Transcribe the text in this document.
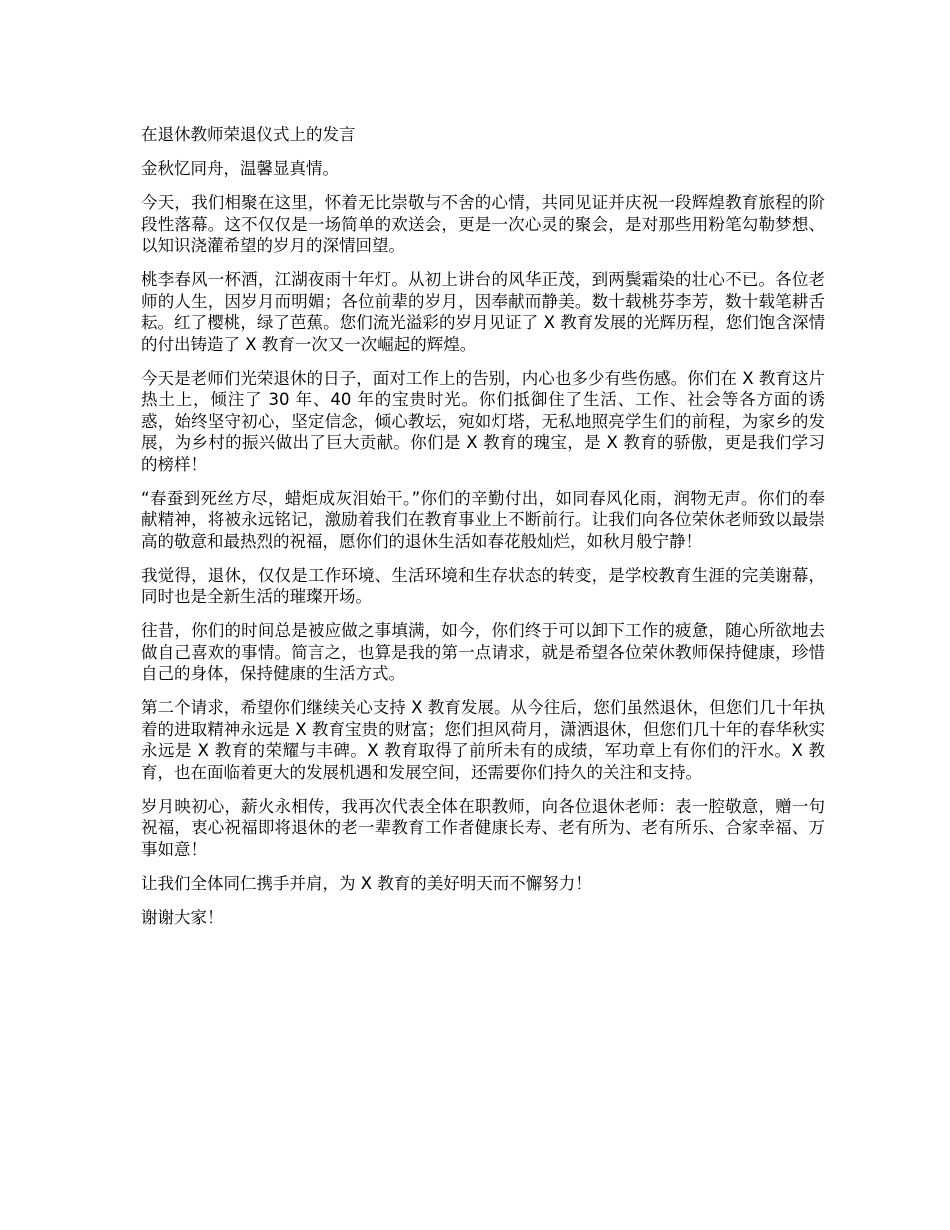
在退休教师荣退仪式上的发言
金秋忆同舟，温馨显真情。
今天，我们相聚在这里，怀着无比崇敬与不舍的心情，共同见证并庆祝一段辉煌教育旅程的阶段性落幕。这不仅仅是一场简单的欢送会，更是一次心灵的聚会，是对那些用粉笔勾勒梦想、以知识浇灌希望的岁月的深情回望。
桃李春风一杯酒，江湖夜雨十年灯。从初上讲台的风华正茂，到两鬓霜染的壮心不已。各位老师的人生，因岁月而明媚；各位前辈的岁月，因奉献而静美。数十载桃芬李芳，数十载笔耕舌耘。红了樱桃，绿了芭蕉。您们流光溢彩的岁月见证了 X 教育发展的光辉历程，您们饱含深情的付出铸造了 X 教育一次又一次崛起的辉煌。
今天是老师们光荣退休的日子，面对工作上的告别，内心也多少有些伤感。你们在 X 教育这片热土上，倾注了 30 年、40 年的宝贵时光。你们抵御住了生活、工作、社会等各方面的诱惑，始终坚守初心，坚定信念，倾心教坛，宛如灯塔，无私地照亮学生们的前程，为家乡的发展，为乡村的振兴做出了巨大贡献。你们是 X 教育的瑰宝，是 X 教育的骄傲，更是我们学习的榜样！
“春蚕到死丝方尽，蜡炬成灰泪始干。”你们的辛勤付出，如同春风化雨，润物无声。你们的奉献精神，将被永远铭记，激励着我们在教育事业上不断前行。让我们向各位荣休老师致以最崇高的敬意和最热烈的祝福，愿你们的退休生活如春花般灿烂，如秋月般宁静！
我觉得，退休，仅仅是工作环境、生活环境和生存状态的转变，是学校教育生涯的完美谢幕，同时也是全新生活的璀璨开场。
往昔，你们的时间总是被应做之事填满，如今，你们终于可以卸下工作的疲惫，随心所欲地去做自己喜欢的事情。简言之，也算是我的第一点请求，就是希望各位荣休教师保持健康，珍惜自己的身体，保持健康的生活方式。
第二个请求，希望你们继续关心支持 X 教育发展。从今往后，您们虽然退休，但您们几十年执着的进取精神永远是 X 教育宝贵的财富；您们担风荷月，潇洒退休，但您们几十年的春华秋实永远是 X 教育的荣耀与丰碑。X 教育取得了前所未有的成绩，军功章上有你们的汗水。X 教育，也在面临着更大的发展机遇和发展空间，还需要你们持久的关注和支持。
岁月映初心，薪火永相传，我再次代表全体在职教师，向各位退休老师：表一腔敬意，赠一句祝福，衷心祝福即将退休的老一辈教育工作者健康长寿、老有所为、老有所乐、合家幸福、万事如意！
让我们全体同仁携手并肩，为 X 教育的美好明天而不懈努力！
谢谢大家！
